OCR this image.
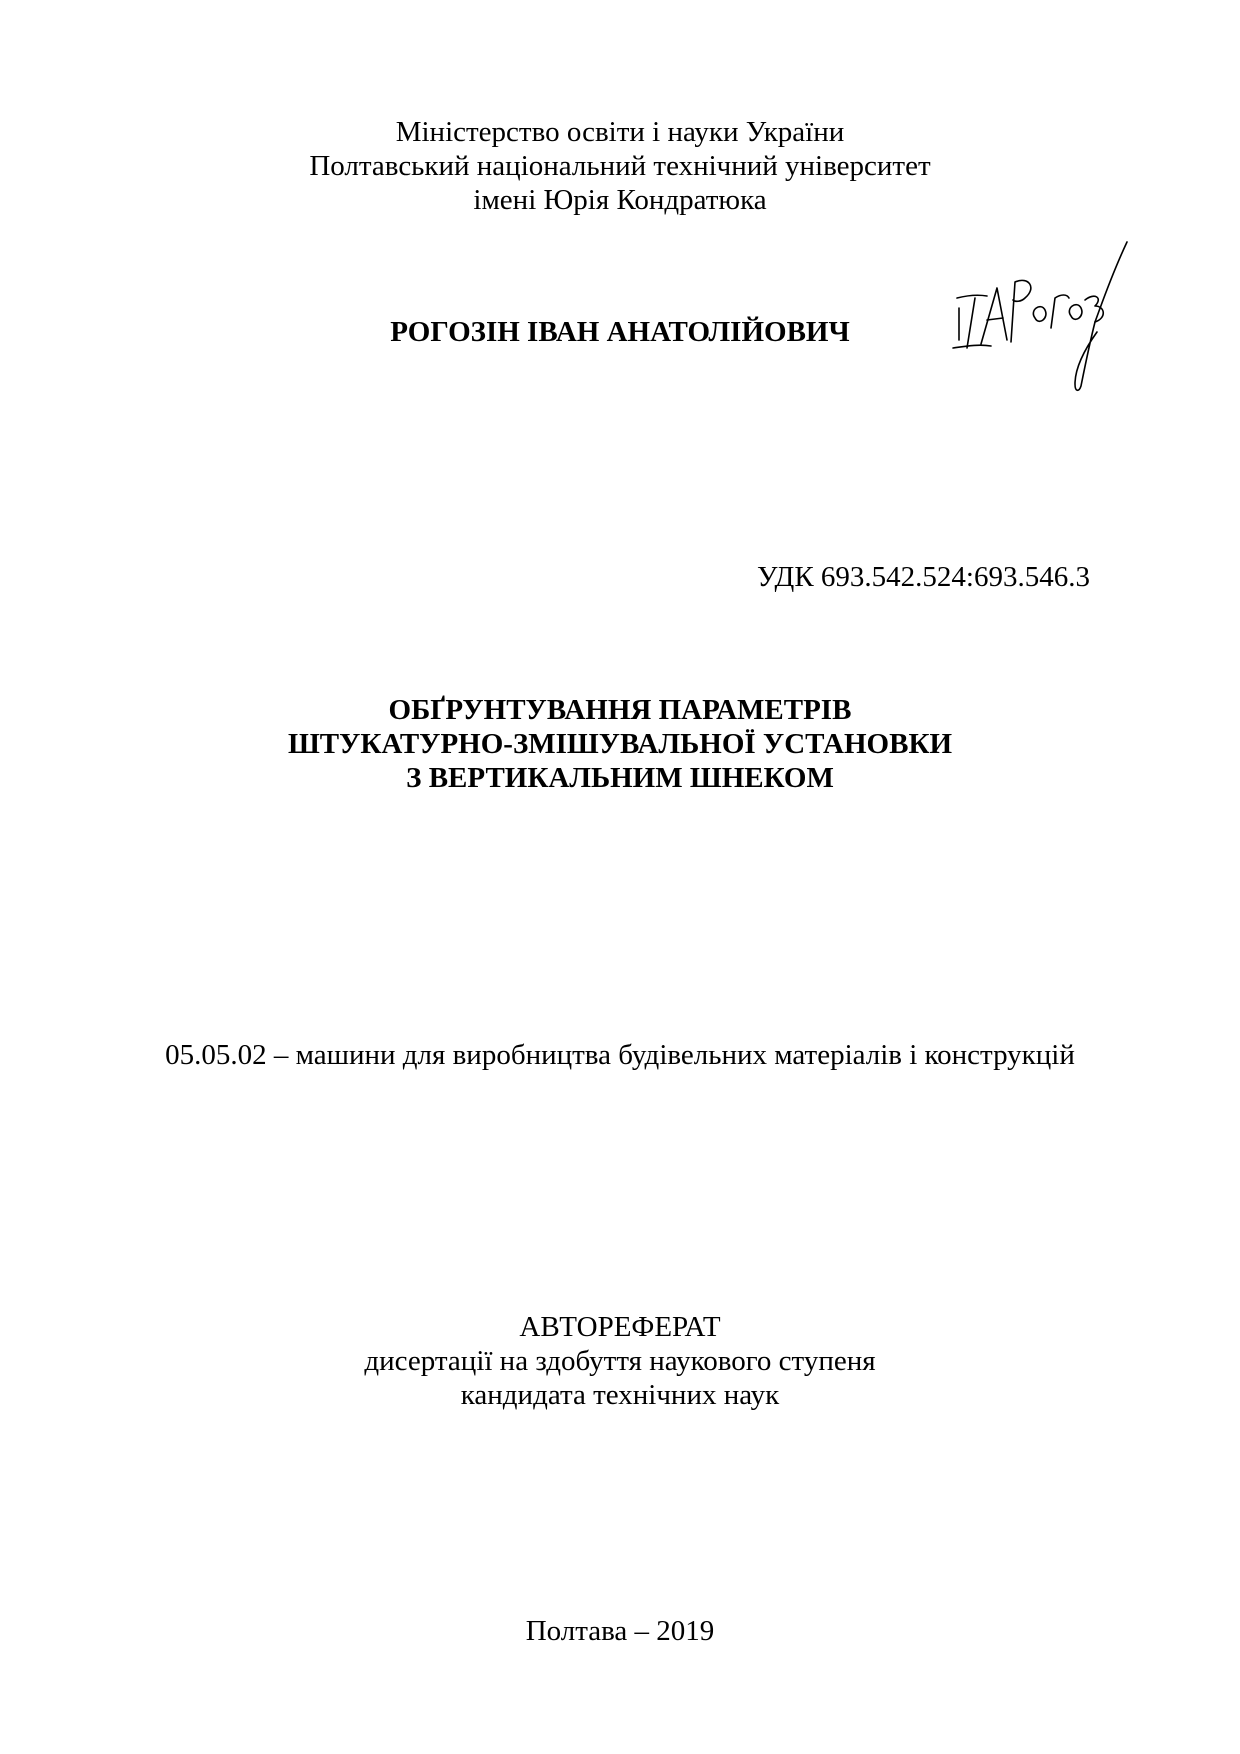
Міністерство освіти і науки України
Полтавський національний технічний університет
імені Юрія Кондратюка
РОГОЗІН ІВАН АНАТОЛІЙОВИЧ
УДК 693.542.524:693.546.3
ОБҐРУНТУВАННЯ ПАРАМЕТРІВ
ШТУКАТУРНО-ЗМІШУВАЛЬНОЇ УСТАНОВКИ
З ВЕРТИКАЛЬНИМ ШНЕКОМ
05.05.02 – машини для виробництва будівельних матеріалів і конструкцій
АВТОРЕФЕРАТ
дисертації на здобуття наукового ступеня
кандидата технічних наук
Полтава – 2019
